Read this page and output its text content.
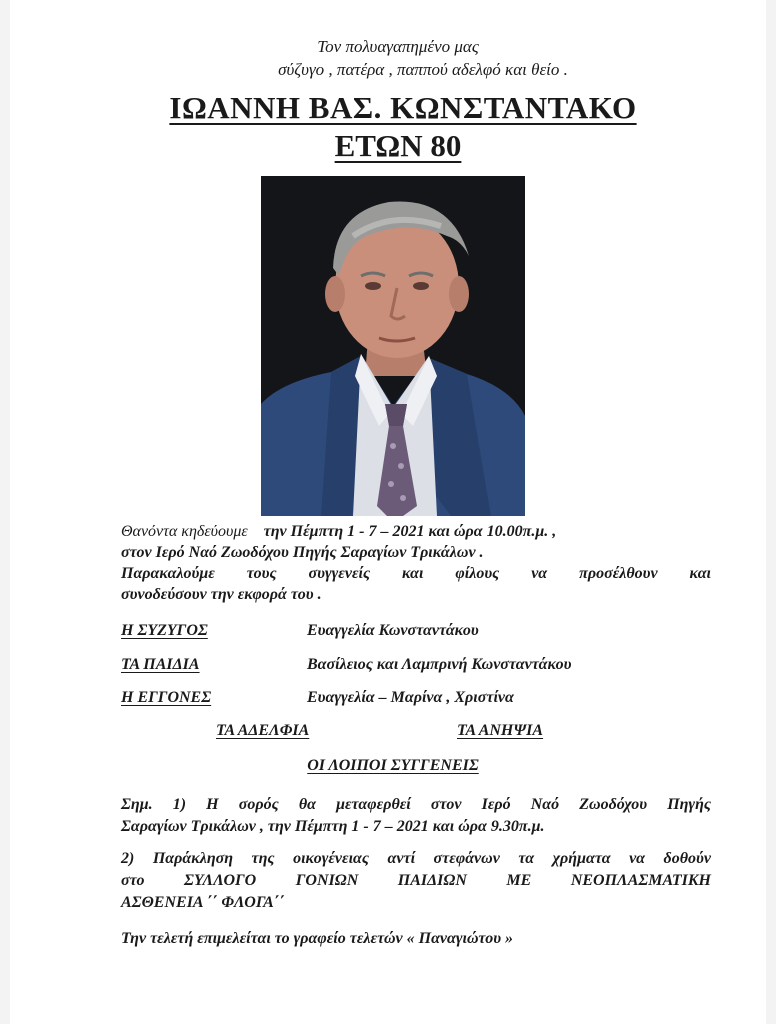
Τον πολυαγαπημένο μας
σύζυγο , πατέρα , παππού αδελφό και θείο .
ΙΩΑΝΝΗ ΒΑΣ. ΚΩΝΣΤΑΝΤΑΚΟ
ΕΤΩΝ 80
Θανόντα κηδεύουμε την Πέμπτη 1 - 7 – 2021 και ώρα 10.00π.μ. ,
στον Ιερό Ναό Ζωοδόχου Πηγής Σαραγίων Τρικάλων .
Παρακαλούμε τους συγγενείς και φίλους να προσέλθουν και
συνοδεύσουν την εκφορά του .
Η ΣΥΖΥΓΟΣ	Ευαγγελία Κωνσταντάκου
ΤΑ ΠΑΙΔΙΑ	Βασίλειος και Λαμπρινή Κωνσταντάκου
Η ΕΓΓΟΝΕΣ	Ευαγγελία – Μαρίνα , Χριστίνα
ΤΑ ΑΔΕΛΦΙΑ	ΤΑ ΑΝΗΨΙΑ
ΟΙ ΛΟΙΠΟΙ ΣΥΓΓΕΝΕΙΣ
Σημ. 1) Η σορός θα μεταφερθεί στον Ιερό Ναό Ζωοδόχου Πηγής
Σαραγίων Τρικάλων , την Πέμπτη 1 - 7 – 2021 και ώρα 9.30π.μ.
2) Παράκληση της οικογένειας αντί στεφάνων τα χρήματα να δοθούν
στο ΣΥΛΛΟΓΟ ΓΟΝΙΩΝ ΠΑΙΔΙΩΝ ΜΕ ΝΕΟΠΛΑΣΜΑΤΙΚΗ
ΑΣΘΕΝΕΙΑ ΄΄ ΦΛΟΓΑ΄΄
Την τελετή επιμελείται το γραφείο τελετών « Παναγιώτου »
